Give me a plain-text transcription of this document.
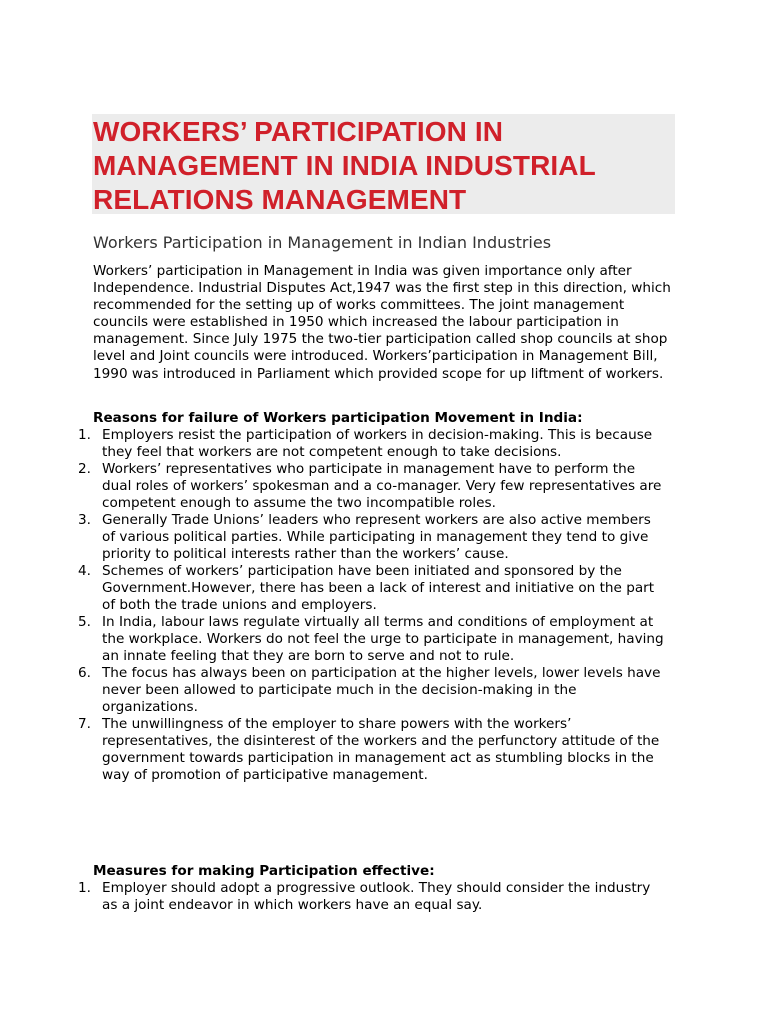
WORKERS’ PARTICIPATION IN MANAGEMENT IN INDIA INDUSTRIAL RELATIONS MANAGEMENT
Workers Participation in Management in Indian Industries

Workers’ participation in Management in India was given importance only after Independence. Industrial Disputes Act,1947 was the first step in this direction, which recommended for the setting up of works committees. The joint management councils were established in 1950 which increased the labour participation in management. Since July 1975 the two-tier participation called shop councils at shop level and Joint councils were introduced. Workers’participation in Management Bill, 1990 was introduced in Parliament which provided scope for up liftment of workers.

Reasons for failure of Workers participation Movement in India:

1. Employers resist the participation of workers in decision-making. This is because they feel that workers are not competent enough to take decisions.
2. Workers’ representatives who participate in management have to perform the dual roles of workers’ spokesman and a co-manager. Very few representatives are competent enough to assume the two incompatible roles.
3. Generally Trade Unions’ leaders who represent workers are also active members of various political parties. While participating in management they tend to give priority to political interests rather than the workers’ cause.
4. Schemes of workers’ participation have been initiated and sponsored by the Government.However, there has been a lack of interest and initiative on the part of both the trade unions and employers.
5. In India, labour laws regulate virtually all terms and conditions of employment at the workplace. Workers do not feel the urge to participate in management, having an innate feeling that they are born to serve and not to rule.
6. The focus has always been on participation at the higher levels, lower levels have never been allowed to participate much in the decision-making in the organizations.
7. The unwillingness of the employer to share powers with the workers’ representatives, the disinterest of the workers and the perfunctory attitude of the government towards participation in management act as stumbling blocks in the way of promotion of participative management.

Measures for making Participation effective:

1. Employer should adopt a progressive outlook. They should consider the industry as a joint endeavor in which workers have an equal say.
